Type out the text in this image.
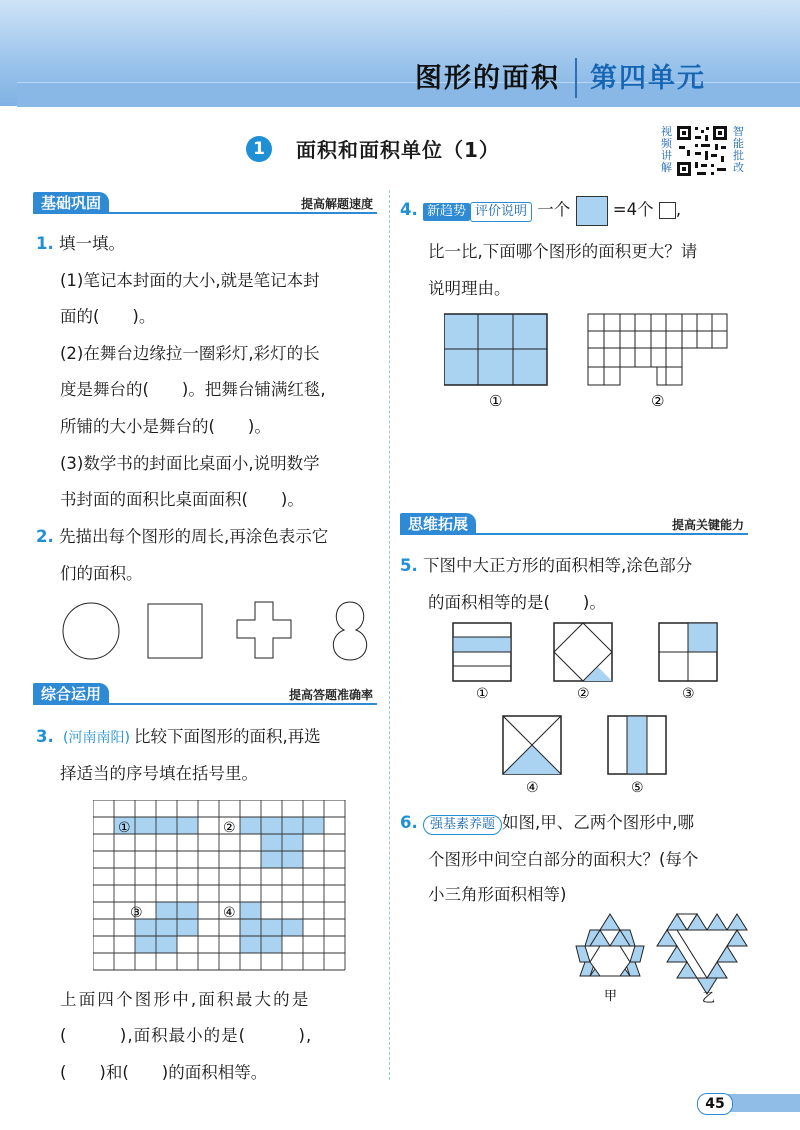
图形的面积 第四单元
1	面积和面积单位（1）
视频讲解
智能批改
基础巩固	提高解题速度
1. 填一填。
(1)笔记本封面的大小,就是笔记本封
面的(　　)。
(2)在舞台边缘拉一圈彩灯,彩灯的长
度是舞台的(　　)。把舞台铺满红毯,
所铺的大小是舞台的(　　)。
(3)数学书的封面比桌面小,说明数学
书封面的面积比桌面面积(　　)。
2. 先描出每个图形的周长,再涂色表示它
们的面积。
综合运用	提高答题准确率
3. (河南南阳) 比较下面图形的面积,再选
择适当的序号填在括号里。
①	②
③	④
上面四个图形中,面积最大的是
(　　　),面积最小的是(　　　),
(　　)和(　　)的面积相等。
4. 新趋势 评价说明 一个	=4个 ,
比一比,下面哪个图形的面积更大？请
说明理由。
①	②
思维拓展	提高关键能力
5. 下图中大正方形的面积相等,涂色部分
的面积相等的是(　　)。
①	②	③
④	⑤
6. 强基素养题 如图,甲、乙两个图形中,哪
个图形中间空白部分的面积大？(每个
小三角形面积相等)
甲	乙
45
